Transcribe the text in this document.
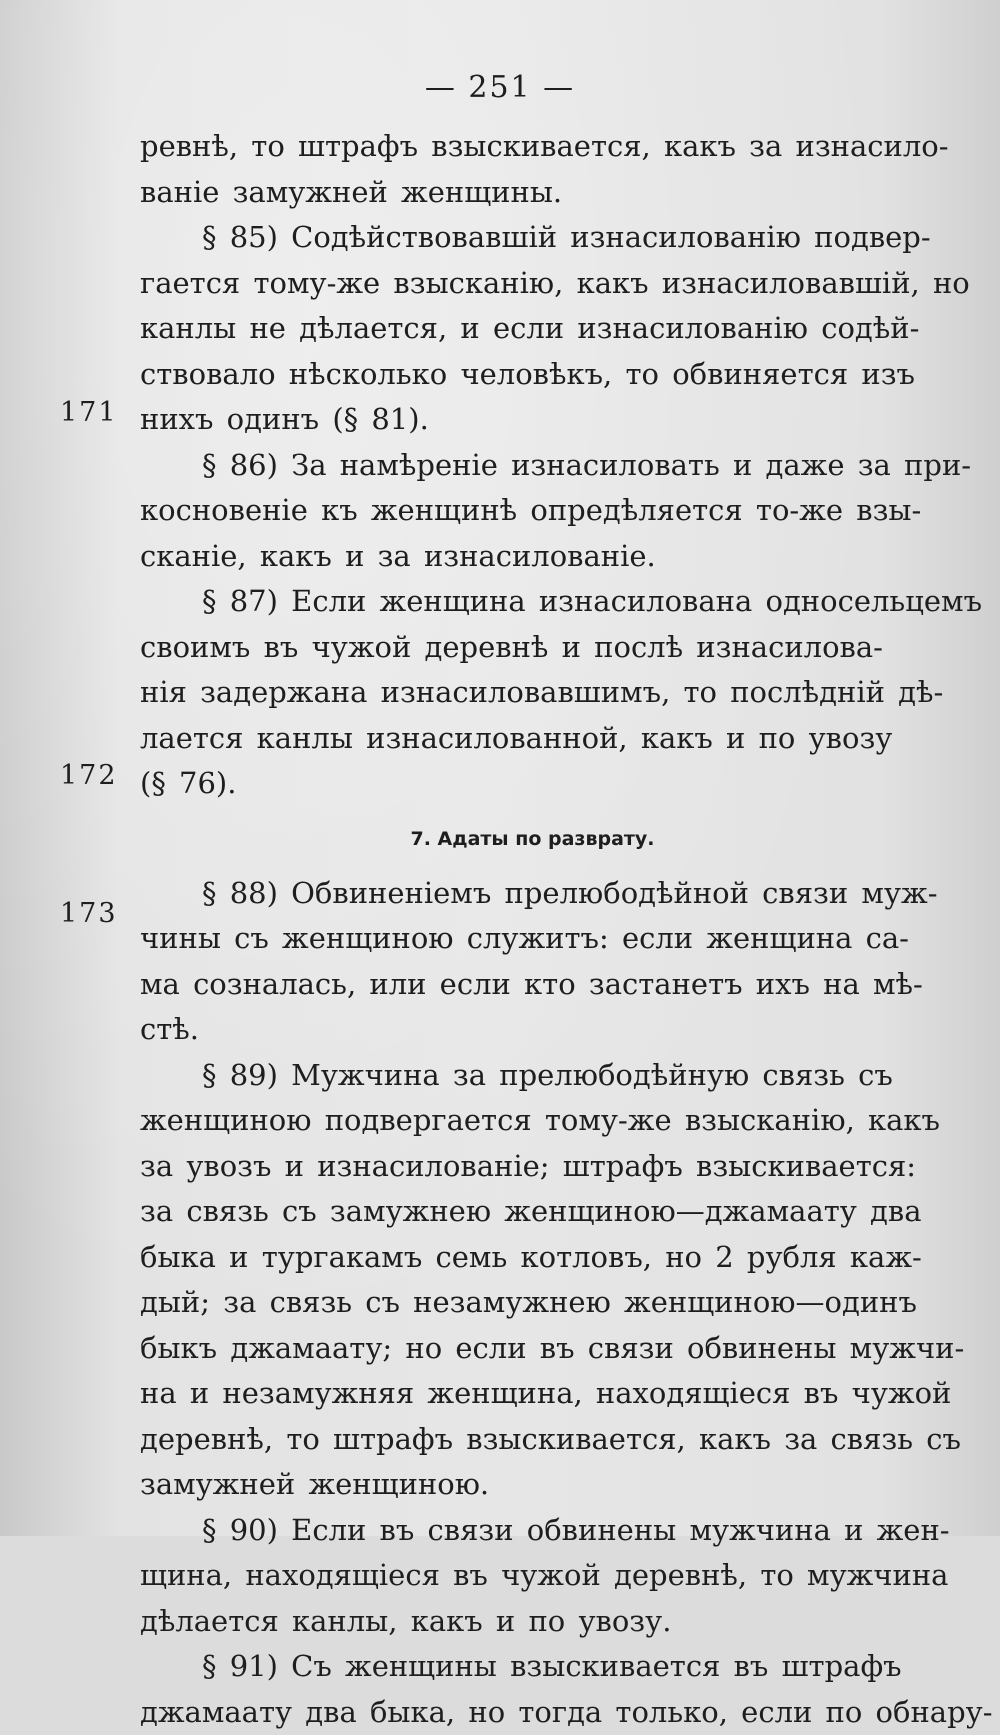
— 251 —
171
172
173
ревнѣ, то штрафъ взыскивается, какъ за изнасило-
ваніе замужней женщины.
§ 85) Содѣйствовавшій изнасилованію подвер-
гается тому-же взысканію, какъ изнасиловавшій, но
канлы не дѣлается, и если изнасилованію содѣй-
ствовало нѣсколько человѣкъ, то обвиняется изъ
нихъ одинъ (§ 81).
§ 86) За намѣреніе изнасиловать и даже за при-
косновеніе къ женщинѣ опредѣляется то-же взы-
сканіе, какъ и за изнасилованіе.
§ 87) Если женщина изнасилована односельцемъ
своимъ въ чужой деревнѣ и послѣ изнасилова-
нія задержана изнасиловавшимъ, то послѣдній дѣ-
лается канлы изнасилованной, какъ и по увозу
(§ 76).
7. Адаты по разврату.
§ 88) Обвиненіемъ прелюбодѣйной связи муж-
чины съ женщиною служитъ: если женщина са-
ма созналась, или если кто застанетъ ихъ на мѣ-
стѣ.
§ 89) Мужчина за прелюбодѣйную связь съ
женщиною подвергается тому-же взысканію, какъ
за увозъ и изнасилованіе; штрафъ взыскивается:
за связь съ замужнею женщиною—джамаату два
быка и тургакамъ семь котловъ, но 2 рубля каж-
дый; за связь съ незамужнею женщиною—одинъ
быкъ джамаату; но если въ связи обвинены мужчи-
на и незамужняя женщина, находящіеся въ чужой
деревнѣ, то штрафъ взыскивается, какъ за связь съ
замужней женщиною.
§ 90) Если въ связи обвинены мужчина и жен-
щина, находящіеся въ чужой деревнѣ, то мужчина
дѣлается канлы, какъ и по увозу.
§ 91) Съ женщины взыскивается въ штрафъ
джамаату два быка, но тогда только, если по обнару-
